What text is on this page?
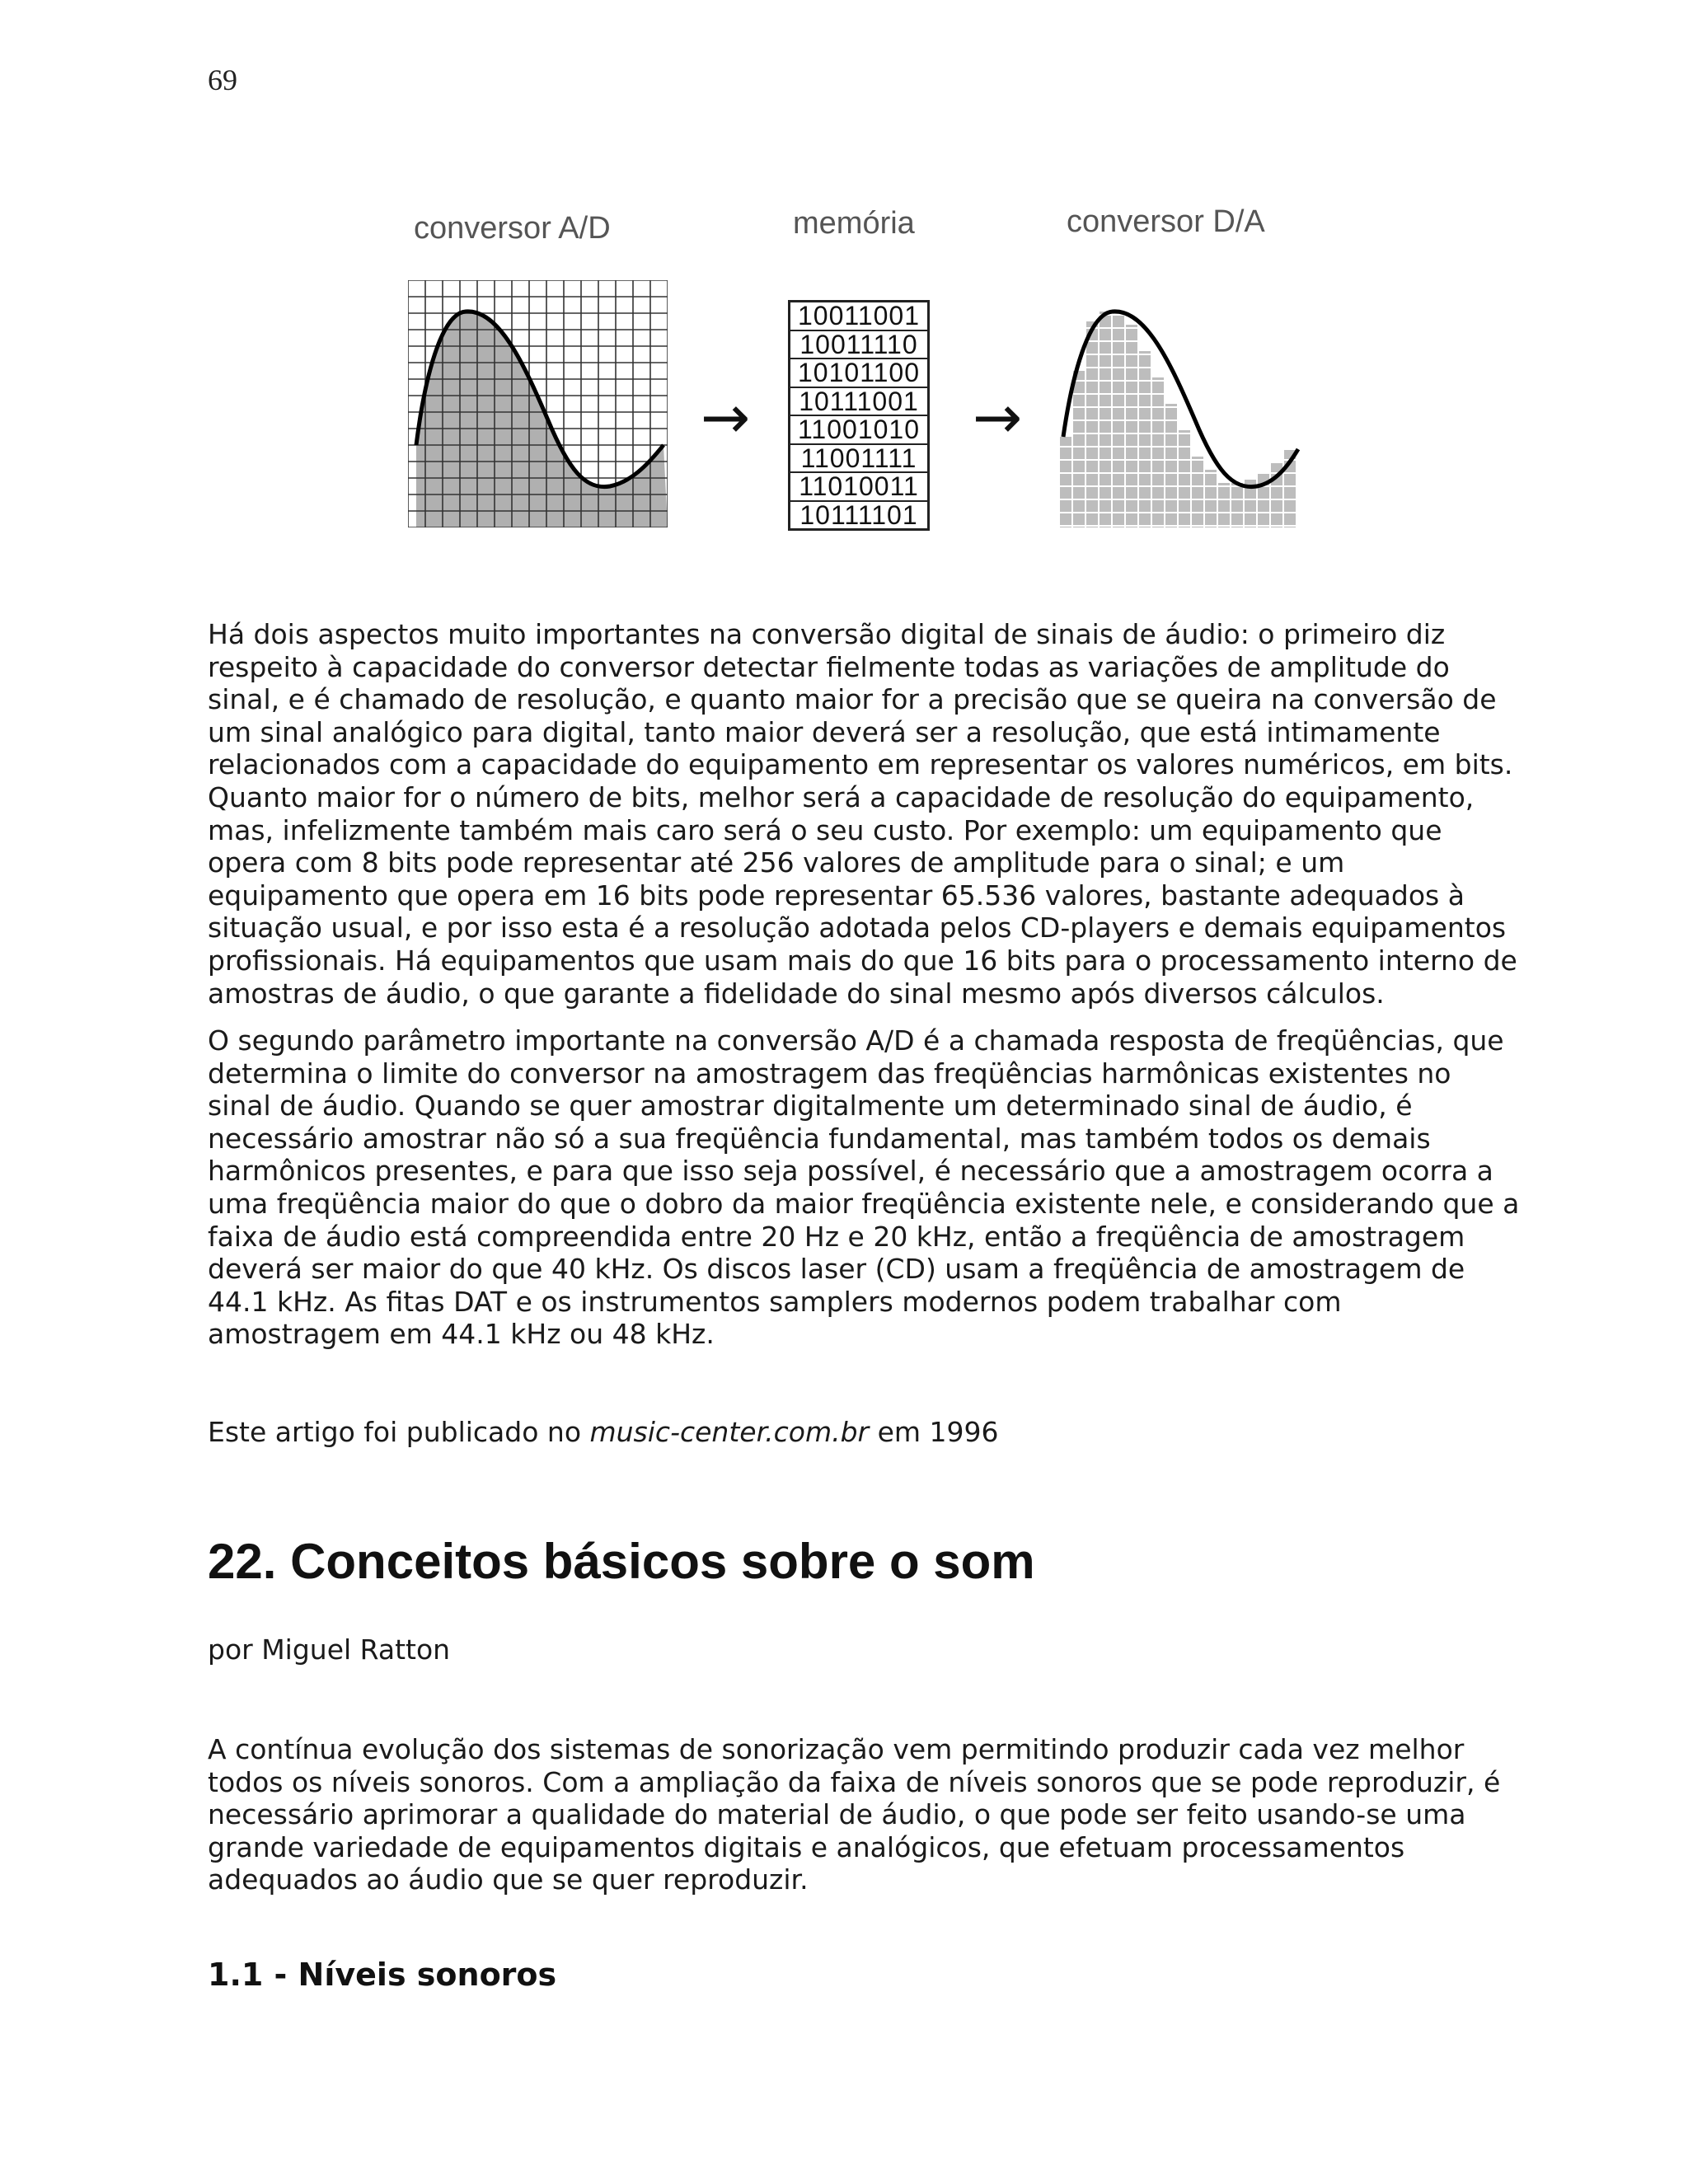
69
conversor A/D	memória	conversor D/A
→
10011001
10011110
10101100
10111001
11001010
11001111
11010011
10111101
→

Há dois aspectos muito importantes na conversão digital de sinais de áudio: o primeiro diz respeito à capacidade do conversor detectar fielmente todas as variações de amplitude do sinal, e é chamado de resolução, e quanto maior for a precisão que se queira na conversão de um sinal analógico para digital, tanto maior deverá ser a resolução, que está intimamente relacionados com a capacidade do equipamento em representar os valores numéricos, em bits. Quanto maior for o número de bits, melhor será a capacidade de resolução do equipamento, mas, infelizmente também mais caro será o seu custo. Por exemplo: um equipamento que opera com 8 bits pode representar até 256 valores de amplitude para o sinal; e um equipamento que opera em 16 bits pode representar 65.536 valores, bastante adequados à situação usual, e por isso esta é a resolução adotada pelos CD-players e demais equipamentos profissionais. Há equipamentos que usam mais do que 16 bits para o processamento interno de amostras de áudio, o que garante a fidelidade do sinal mesmo após diversos cálculos.

O segundo parâmetro importante na conversão A/D é a chamada resposta de freqüências, que determina o limite do conversor na amostragem das freqüências harmônicas existentes no sinal de áudio. Quando se quer amostrar digitalmente um determinado sinal de áudio, é necessário amostrar não só a sua freqüência fundamental, mas também todos os demais harmônicos presentes, e para que isso seja possível, é necessário que a amostragem ocorra a uma freqüência maior do que o dobro da maior freqüência existente nele, e considerando que a faixa de áudio está compreendida entre 20 Hz e 20 kHz, então a freqüência de amostragem deverá ser maior do que 40 kHz. Os discos laser (CD) usam a freqüência de amostragem de 44.1 kHz. As fitas DAT e os instrumentos samplers modernos podem trabalhar com amostragem em 44.1 kHz ou 48 kHz.

Este artigo foi publicado no music-center.com.br em 1996
22. Conceitos básicos sobre o som
por Miguel Ratton

A contínua evolução dos sistemas de sonorização vem permitindo produzir cada vez melhor todos os níveis sonoros. Com a ampliação da faixa de níveis sonoros que se pode reproduzir, é necessário aprimorar a qualidade do material de áudio, o que pode ser feito usando-se uma grande variedade de equipamentos digitais e analógicos, que efetuam processamentos adequados ao áudio que se quer reproduzir.

1.1 - Níveis sonoros
